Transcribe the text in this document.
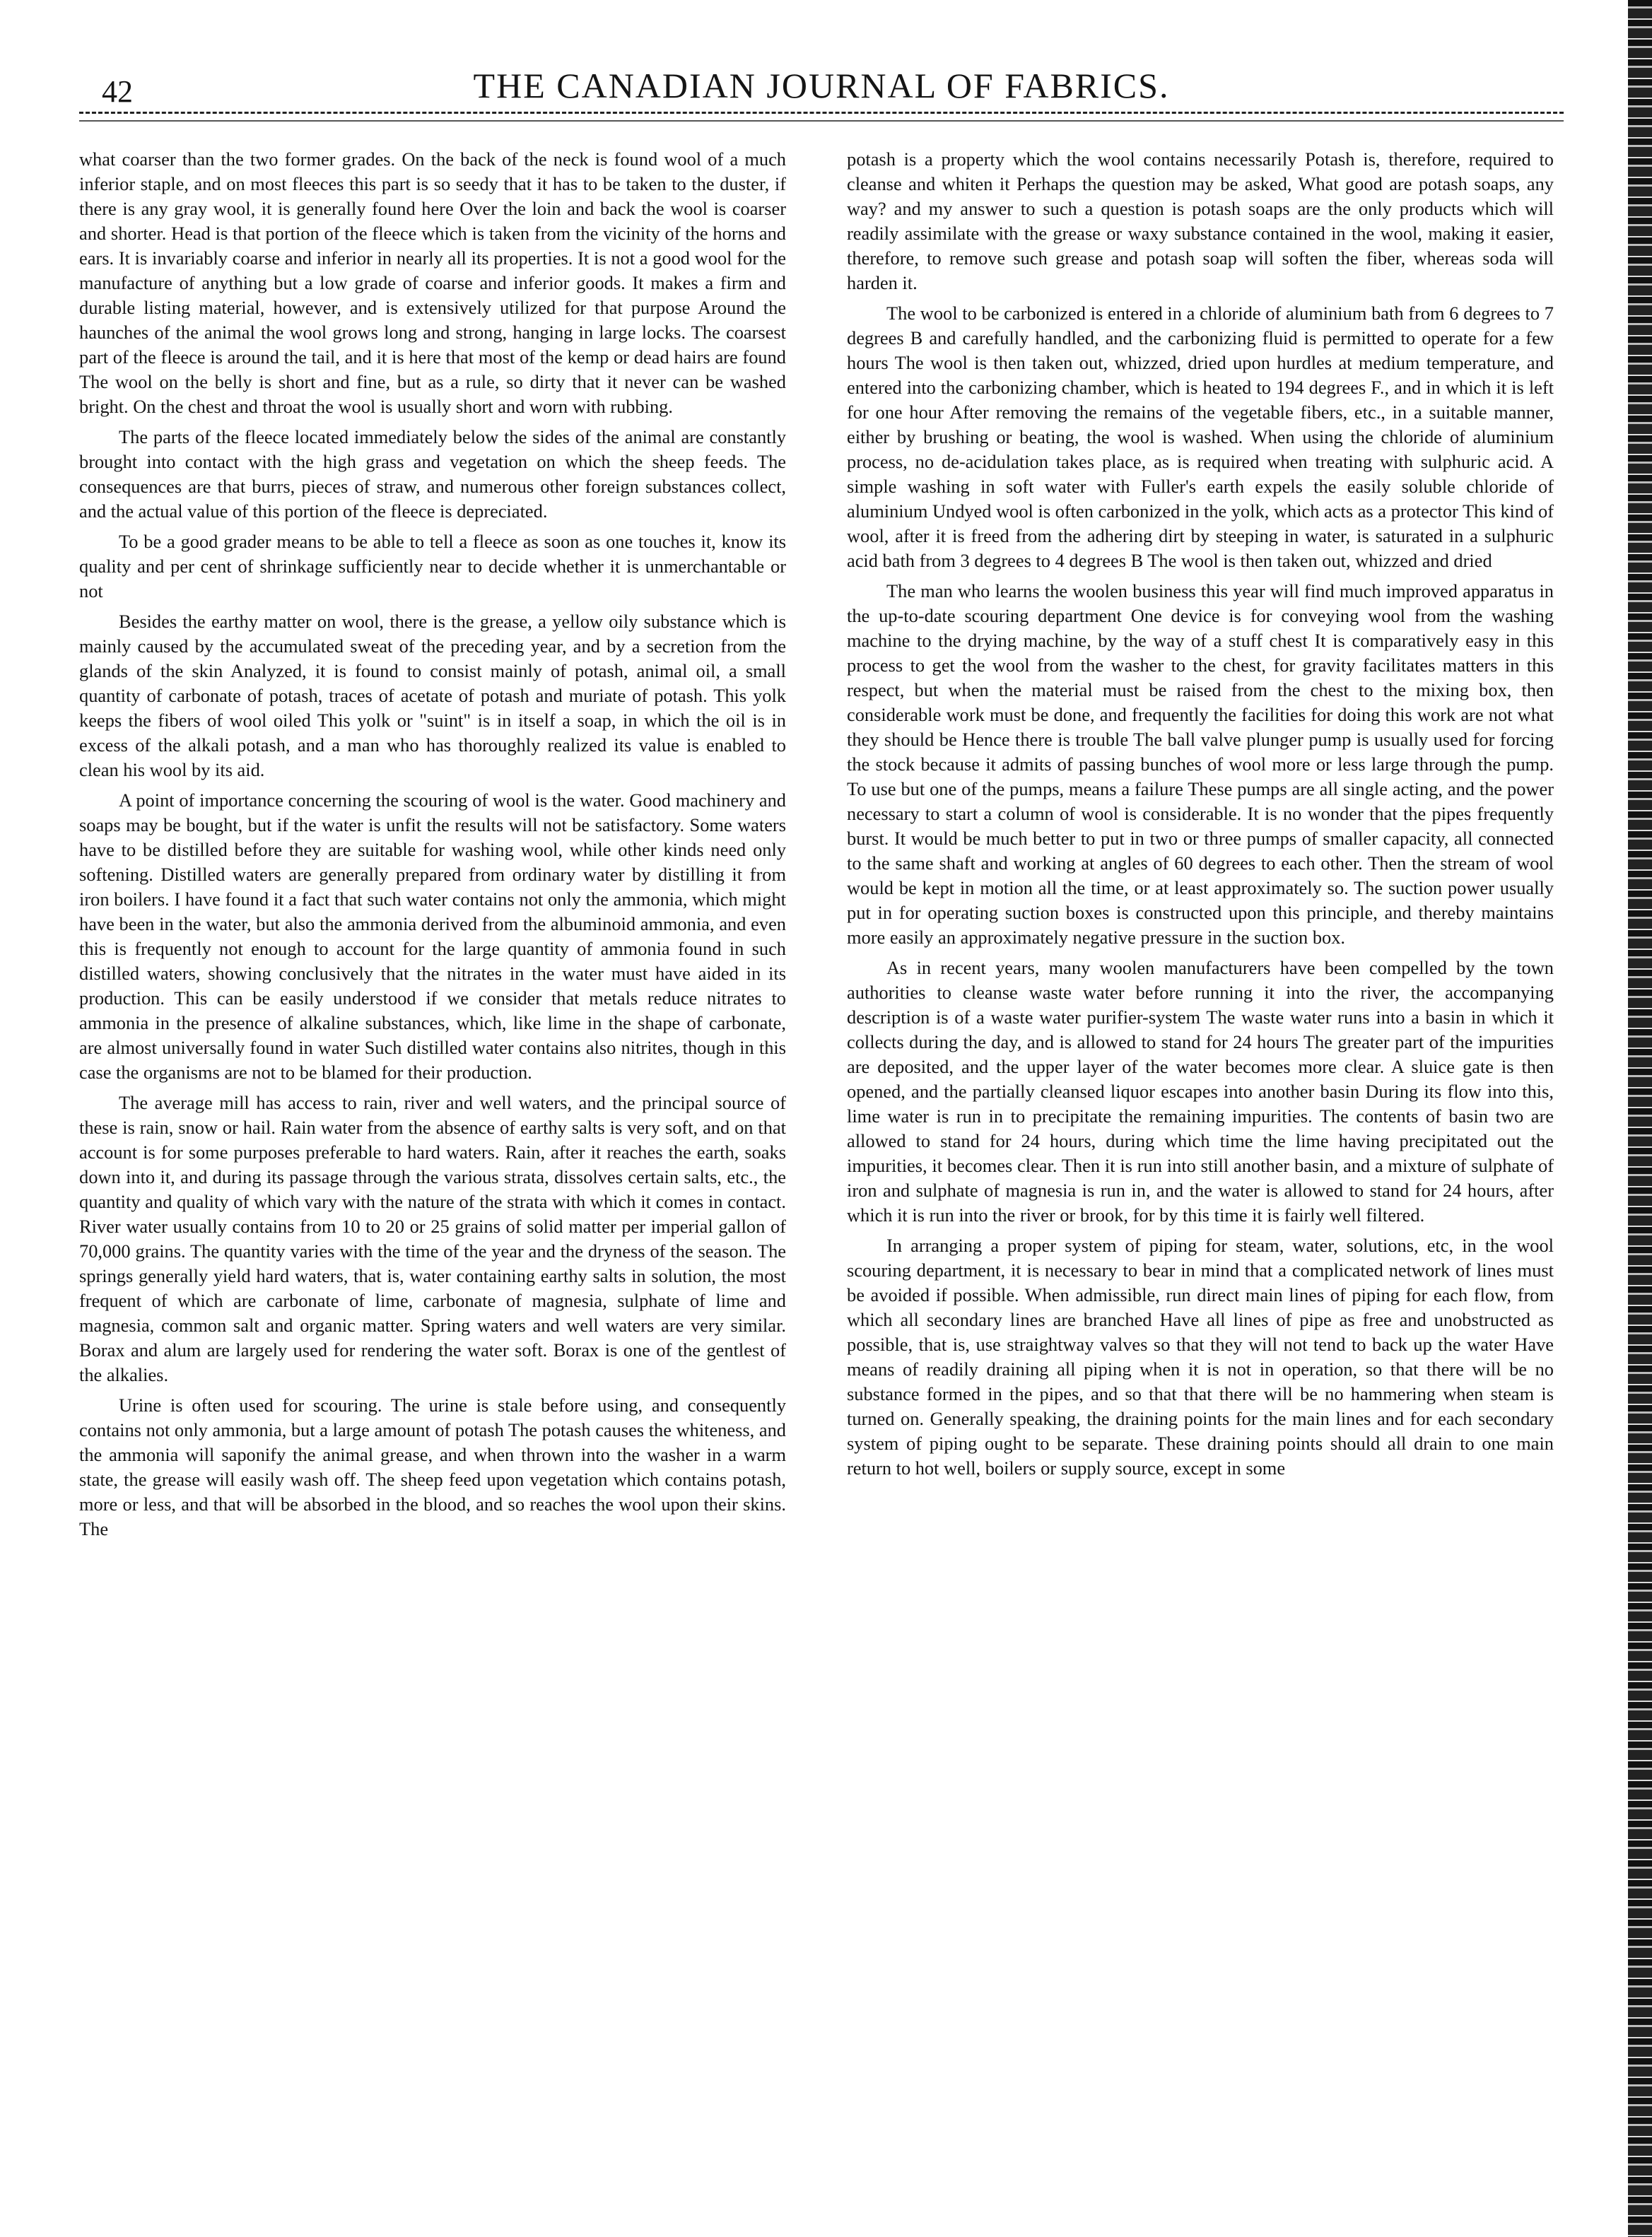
42	THE CANADIAN JOURNAL OF FABRICS.

what coarser than the two former grades. On the back of the neck is found wool of a much inferior staple, and on most fleeces this part is so seedy that it has to be taken to the duster, if there is any gray wool, it is generally found here Over the loin and back the wool is coarser and shorter. Head is that portion of the fleece which is taken from the vicinity of the horns and ears. It is invariably coarse and inferior in nearly all its properties. It is not a good wool for the manufacture of anything but a low grade of coarse and inferior goods. It makes a firm and durable listing material, however, and is extensively utilized for that purpose Around the haunches of the animal the wool grows long and strong, hanging in large locks. The coarsest part of the fleece is around the tail, and it is here that most of the kemp or dead hairs are found The wool on the belly is short and fine, but as a rule, so dirty that it never can be washed bright. On the chest and throat the wool is usually short and worn with rubbing.

The parts of the fleece located immediately below the sides of the animal are constantly brought into contact with the high grass and vegetation on which the sheep feeds. The consequences are that burrs, pieces of straw, and numerous other foreign substances collect, and the actual value of this portion of the fleece is depreciated.

To be a good grader means to be able to tell a fleece as soon as one touches it, know its quality and per cent of shrinkage sufficiently near to decide whether it is unmerchantable or not

Besides the earthy matter on wool, there is the grease, a yellow oily substance which is mainly caused by the accumulated sweat of the preceding year, and by a secretion from the glands of the skin Analyzed, it is found to consist mainly of potash, animal oil, a small quantity of carbonate of potash, traces of acetate of potash and muriate of potash. This yolk keeps the fibers of wool oiled This yolk or "suint" is in itself a soap, in which the oil is in excess of the alkali potash, and a man who has thoroughly realized its value is enabled to clean his wool by its aid.

A point of importance concerning the scouring of wool is the water. Good machinery and soaps may be bought, but if the water is unfit the results will not be satisfactory. Some waters have to be distilled before they are suitable for washing wool, while other kinds need only softening. Distilled waters are generally prepared from ordinary water by distilling it from iron boilers. I have found it a fact that such water contains not only the ammonia, which might have been in the water, but also the ammonia derived from the albuminoid ammonia, and even this is frequently not enough to account for the large quantity of ammonia found in such distilled waters, showing conclusively that the nitrates in the water must have aided in its production. This can be easily understood if we consider that metals reduce nitrates to ammonia in the presence of alkaline substances, which, like lime in the shape of carbonate, are almost universally found in water Such distilled water contains also nitrites, though in this case the organisms are not to be blamed for their production.

The average mill has access to rain, river and well waters, and the principal source of these is rain, snow or hail. Rain water from the absence of earthy salts is very soft, and on that account is for some purposes preferable to hard waters. Rain, after it reaches the earth, soaks down into it, and during its passage through the various strata, dissolves certain salts, etc., the quantity and quality of which vary with the nature of the strata with which it comes in contact. River water usually contains from 10 to 20 or 25 grains of solid matter per imperial gallon of 70,000 grains. The quantity varies with the time of the year and the dryness of the season. The springs generally yield hard waters, that is, water containing earthy salts in solution, the most frequent of which are carbonate of lime, carbonate of magnesia, sulphate of lime and magnesia, common salt and organic matter. Spring waters and well waters are very similar. Borax and alum are largely used for rendering the water soft. Borax is one of the gentlest of the alkalies.

Urine is often used for scouring. The urine is stale before using, and consequently contains not only ammonia, but a large amount of potash The potash causes the whiteness, and the ammonia will saponify the animal grease, and when thrown into the washer in a warm state, the grease will easily wash off. The sheep feed upon vegetation which contains potash, more or less, and that will be absorbed in the blood, and so reaches the wool upon their skins. The

potash is a property which the wool contains necessarily Potash is, therefore, required to cleanse and whiten it Perhaps the question may be asked, What good are potash soaps, any way? and my answer to such a question is potash soaps are the only products which will readily assimilate with the grease or waxy substance contained in the wool, making it easier, therefore, to remove such grease and potash soap will soften the fiber, whereas soda will harden it.

The wool to be carbonized is entered in a chloride of aluminium bath from 6 degrees to 7 degrees B and carefully handled, and the carbonizing fluid is permitted to operate for a few hours The wool is then taken out, whizzed, dried upon hurdles at medium temperature, and entered into the carbonizing chamber, which is heated to 194 degrees F., and in which it is left for one hour After removing the remains of the vegetable fibers, etc., in a suitable manner, either by brushing or beating, the wool is washed. When using the chloride of aluminium process, no de-acidulation takes place, as is required when treating with sulphuric acid. A simple washing in soft water with Fuller's earth expels the easily soluble chloride of aluminium Undyed wool is often carbonized in the yolk, which acts as a protector This kind of wool, after it is freed from the adhering dirt by steeping in water, is saturated in a sulphuric acid bath from 3 degrees to 4 degrees B The wool is then taken out, whizzed and dried

The man who learns the woolen business this year will find much improved apparatus in the up-to-date scouring department One device is for conveying wool from the washing machine to the drying machine, by the way of a stuff chest It is comparatively easy in this process to get the wool from the washer to the chest, for gravity facilitates matters in this respect, but when the material must be raised from the chest to the mixing box, then considerable work must be done, and frequently the facilities for doing this work are not what they should be Hence there is trouble The ball valve plunger pump is usually used for forcing the stock because it admits of passing bunches of wool more or less large through the pump. To use but one of the pumps, means a failure These pumps are all single acting, and the power necessary to start a column of wool is considerable. It is no wonder that the pipes frequently burst. It would be much better to put in two or three pumps of smaller capacity, all connected to the same shaft and working at angles of 60 degrees to each other. Then the stream of wool would be kept in motion all the time, or at least approximately so. The suction power usually put in for operating suction boxes is constructed upon this principle, and thereby maintains more easily an approximately negative pressure in the suction box.

As in recent years, many woolen manufacturers have been compelled by the town authorities to cleanse waste water before running it into the river, the accompanying description is of a waste water purifier-system The waste water runs into a basin in which it collects during the day, and is allowed to stand for 24 hours The greater part of the impurities are deposited, and the upper layer of the water becomes more clear. A sluice gate is then opened, and the partially cleansed liquor escapes into another basin During its flow into this, lime water is run in to precipitate the remaining impurities. The contents of basin two are allowed to stand for 24 hours, during which time the lime having precipitated out the impurities, it becomes clear. Then it is run into still another basin, and a mixture of sulphate of iron and sulphate of magnesia is run in, and the water is allowed to stand for 24 hours, after which it is run into the river or brook, for by this time it is fairly well filtered.

In arranging a proper system of piping for steam, water, solutions, etc, in the wool scouring department, it is necessary to bear in mind that a complicated network of lines must be avoided if possible. When admissible, run direct main lines of piping for each flow, from which all secondary lines are branched Have all lines of pipe as free and unobstructed as possible, that is, use straightway valves so that they will not tend to back up the water Have means of readily draining all piping when it is not in operation, so that there will be no substance formed in the pipes, and so that that there will be no hammering when steam is turned on. Generally speaking, the draining points for the main lines and for each secondary system of piping ought to be separate. These draining points should all drain to one main return to hot well, boilers or supply source, except in some
